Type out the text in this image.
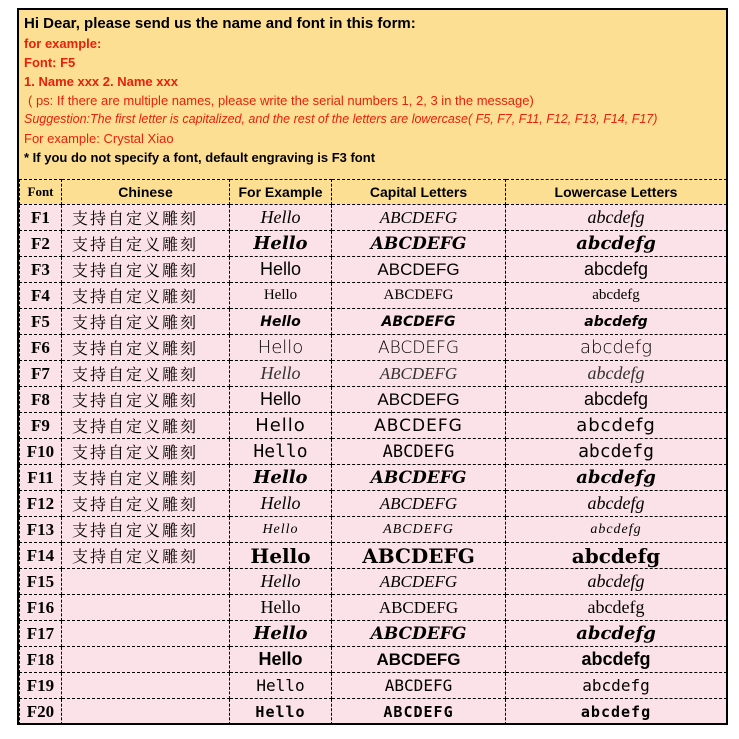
Hi Dear, please send us the name and font in this form:
for example:
Font: F5
1. Name xxx 2. Name xxx
( ps: If there are multiple names, please write the serial numbers 1, 2, 3 in the message)
Suggestion:The first letter is capitalized, and the rest of the letters are lowercase( F5, F7, F11, F12, F13, F14, F17)
For example: Crystal Xiao
* If you do not specify a font, default engraving is F3 font
Font	Chinese	For Example	Capital Letters	Lowercase Letters
F1	支持自定义雕刻	Hello	ABCDEFG	abcdefg
F2	支持自定义雕刻	Hello	ABCDEFG	abcdefg
F3	支持自定义雕刻	Hello	ABCDEFG	abcdefg
F4	支持自定义雕刻	Hello	ABCDEFG	abcdefg
F5	支持自定义雕刻	Hello	ABCDEFG	abcdefg
F6	支持自定义雕刻	Hello	ABCDEFG	abcdefg
F7	支持自定义雕刻	Hello	ABCDEFG	abcdefg
F8	支持自定义雕刻	Hello	ABCDEFG	abcdefg
F9	支持自定义雕刻	Hello	ABCDEFG	abcdefg
F10	支持自定义雕刻	Hello	ABCDEFG	abcdefg
F11	支持自定义雕刻	Hello	ABCDEFG	abcdefg
F12	支持自定义雕刻	Hello	ABCDEFG	abcdefg
F13	支持自定义雕刻	Hello	ABCDEFG	abcdefg
F14	支持自定义雕刻	Hello	ABCDEFG	abcdefg
F15		Hello	ABCDEFG	abcdefg
F16		Hello	ABCDEFG	abcdefg
F17		Hello	ABCDEFG	abcdefg
F18		Hello	ABCDEFG	abcdefg
F19		Hello	ABCDEFG	abcdefg
F20		Hello	ABCDEFG	abcdefg
